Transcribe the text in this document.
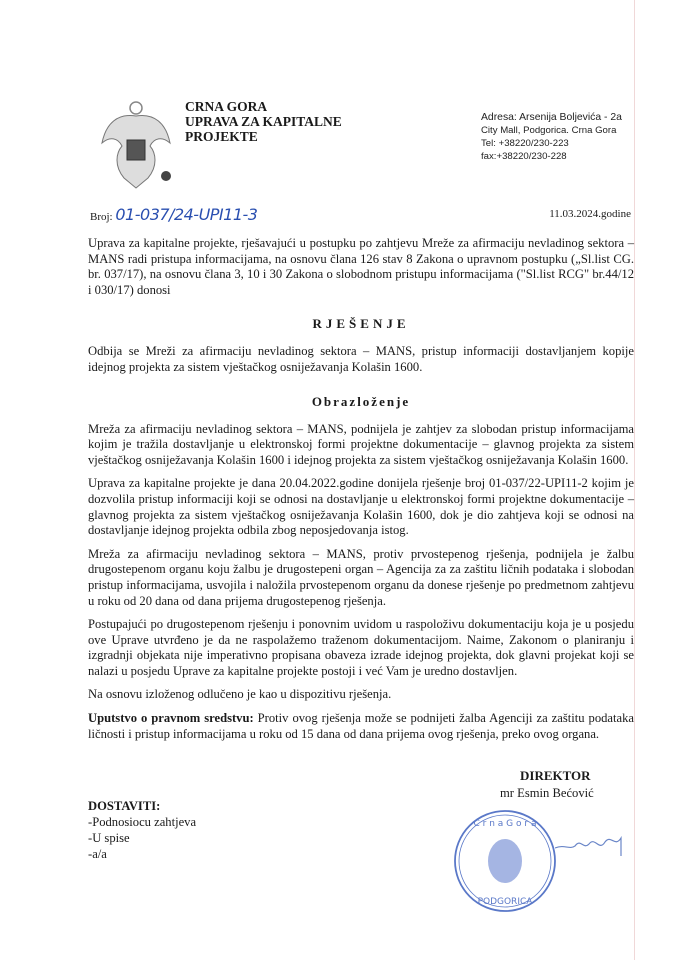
CRNA GORA
UPRAVA ZA KAPITALNE
PROJEKTE
Adresa: Arsenija Boljevića - 2a
City Mall, Podgorica. Crna Gora
Tel: +38220/230-223
fax:+38220/230-228
Broj: 01-037/24-UPI11-3	11.03.2024.godine
Uprava za kapitalne projekte, rješavajući u postupku po zahtjevu Mreže za afirmaciju nevladinog sektora – MANS radi pristupa informacijama, na osnovu člana 126 stav 8 Zakona o upravnom postupku („Sl.list CG. br. 037/17), na osnovu člana 3, 10 i 30 Zakona o slobodnom pristupu informacijama ("Sl.list RCG" br.44/12 i 030/17) donosi
RJEŠENJE
Odbija se Mreži za afirmaciju nevladinog sektora – MANS, pristup informaciji dostavljanjem kopije idejnog projekta za sistem vještačkog osniježavanja Kolašin 1600.
Obrazloženje
Mreža za afirmaciju nevladinog sektora – MANS, podnijela je zahtjev za slobodan pristup informacijama kojim je tražila dostavljanje u elektronskoj formi projektne dokumentacije – glavnog projekta za sistem vještačkog osniježavanja Kolašin 1600 i idejnog projekta za sistem vještačkog osniježavanja Kolašin 1600.
Uprava za kapitalne projekte je dana 20.04.2022.godine donijela rješenje broj 01-037/22-UPI11-2 kojim je dozvolila pristup informaciji koji se odnosi na dostavljanje u elektronskoj formi projektne dokumentacije – glavnog projekta za sistem vještačkog osniježavanja Kolašin 1600, dok je dio zahtjeva koji se odnosi na dostavljanje idejnog projekta odbila zbog neposjedovanja istog.
Mreža za afirmaciju nevladinog sektora – MANS, protiv prvostepenog rješenja, podnijela je žalbu drugostepenom organu koju žalbu je drugostepeni organ – Agencija za za zaštitu ličnih podataka i slobodan pristup informacijama, usvojila i naložila prvostepenom organu da donese rješenje po predmetnom zahtjevu u roku od 20 dana od dana prijema drugostepenog rješenja.
Postupajući po drugostepenom rješenju i ponovnim uvidom u raspoloživu dokumentaciju koja je u posjedu ove Uprave utvrđeno je da ne raspolažemo traženom dokumentacijom. Naime, Zakonom o planiranju i izgradnji objekata nije imperativno propisana obaveza izrade idejnog projekta, dok glavni projekat koji se nalazi u posjedu Uprave za kapitalne projekte postoji i već Vam je uredno dostavljen.
Na osnovu izloženog odlučeno je kao u dispozitivu rješenja.
Uputstvo o pravnom sredstvu: Protiv ovog rješenja može se podnijeti žalba Agenciji za zaštitu podataka ličnosti i pristup informacijama u roku od 15 dana od dana prijema ovog rješenja, preko ovog organa.
DIREKTOR
mr Esmin Bećović
PODGORICA
C r n a G o r a
DOSTAVITI:
-Podnosiocu zahtjeva
-U spise
-a/a
